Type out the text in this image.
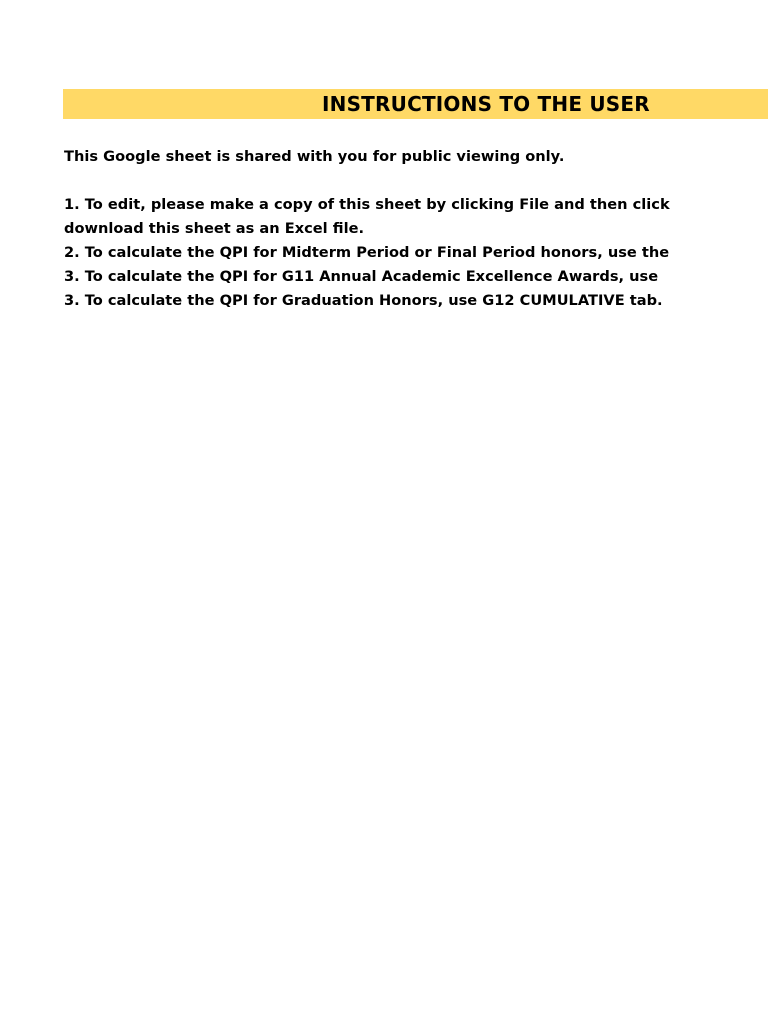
INSTRUCTIONS TO THE USER
This Google sheet is shared with you for public viewing only.
1. To edit, please make a copy of this sheet by clicking File and then click
download this sheet as an Excel file.
2. To calculate the QPI for Midterm Period or Final Period honors, use the
3. To calculate the QPI for G11 Annual Academic Excellence Awards, use
3. To calculate the QPI for Graduation Honors, use G12 CUMULATIVE tab.
